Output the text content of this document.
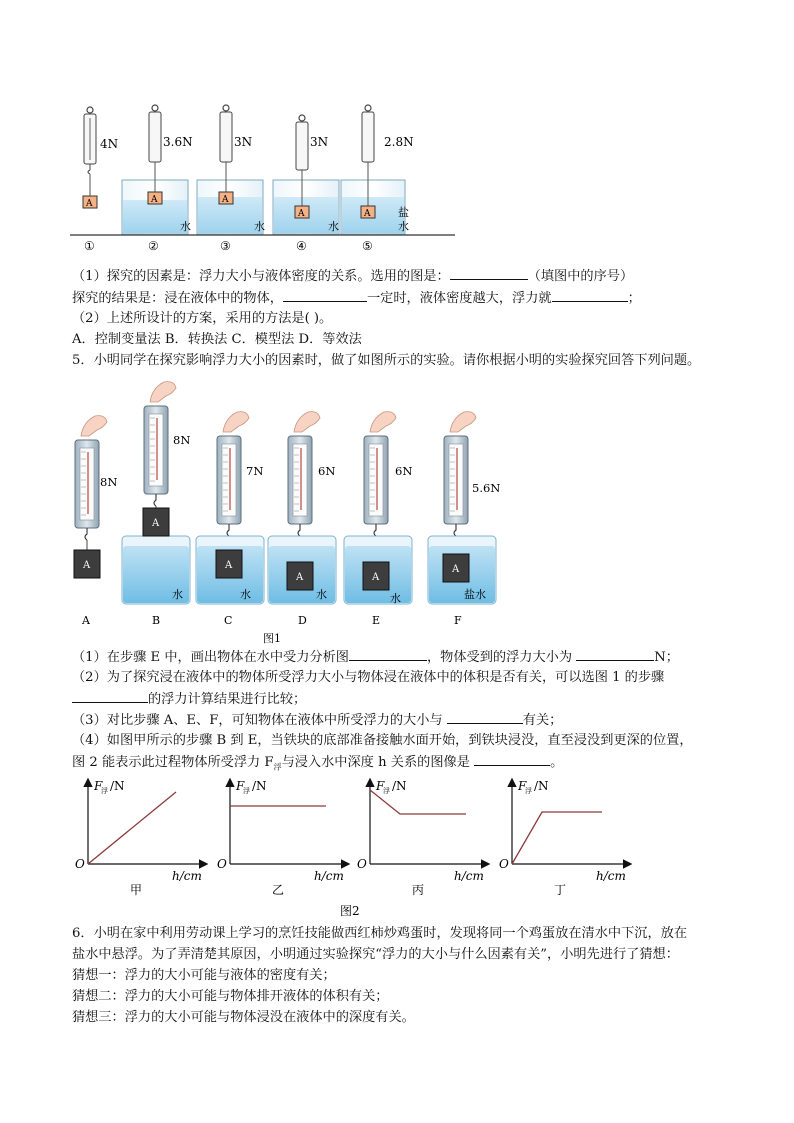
4N	3.6N	3N	3N	2.8N
A	A	A
A	A
水	水	水
盐
水
①	②	③	④	⑤
（1）探究的因素是：浮力大小与液体密度的关系。选用的图是：	（填图中的序号）
探究的结果是：浸在液体中的物体，	一定时，液体密度越大，浮力就	；
（2）上述所设计的方案，采用的方法是( )。
A．控制变量法 B．转换法 C．模型法 D．等效法
5．小明同学在探究影响浮力大小的因素时，做了如图所示的实验。请你根据小明的实验探究回答下列问题。
A
A
A
A	A
A
8N
8N
7N	6N	6N
5.6N
水	水	水	水	盐水
A	B	C	D	E	F
图1
（1）在步骤 E 中，画出物体在水中受力分析图	，物体受到的浮力大小为	N；
（2）为了探究浸在液体中的物体所受浮力大小与物体浸在液体中的体积是否有关，可以选图 1 的步骤
的浮力计算结果进行比较；
（3）对比步骤 A、E、F，可知物体在液体中所受浮力的大小与	有关；
（4）如图甲所示的步骤 B 到 E，当铁块的底部准备接触水面开始，到铁块浸没，直至浸没到更深的位置，
图 2 能表示此过程物体所受浮力 $F_浮$与浸入水中深度 h 关系的图像是	。
F
浮 /N
O
h/cm
甲
F
浮 /N
O
h/cm
乙
F
浮 /N
O
h/cm
丙
F
浮 /N
O
h/cm
丁
图2
6．小明在家中利用劳动课上学习的烹饪技能做西红柿炒鸡蛋时，发现将同一个鸡蛋放在清水中下沉，放在
盐水中悬浮。为了弄清楚其原因，小明通过实验探究“浮力的大小与什么因素有关”，小明先进行了猜想：
猜想一：浮力的大小可能与液体的密度有关；
猜想二：浮力的大小可能与物体排开液体的体积有关；
猜想三：浮力的大小可能与物体浸没在液体中的深度有关。
